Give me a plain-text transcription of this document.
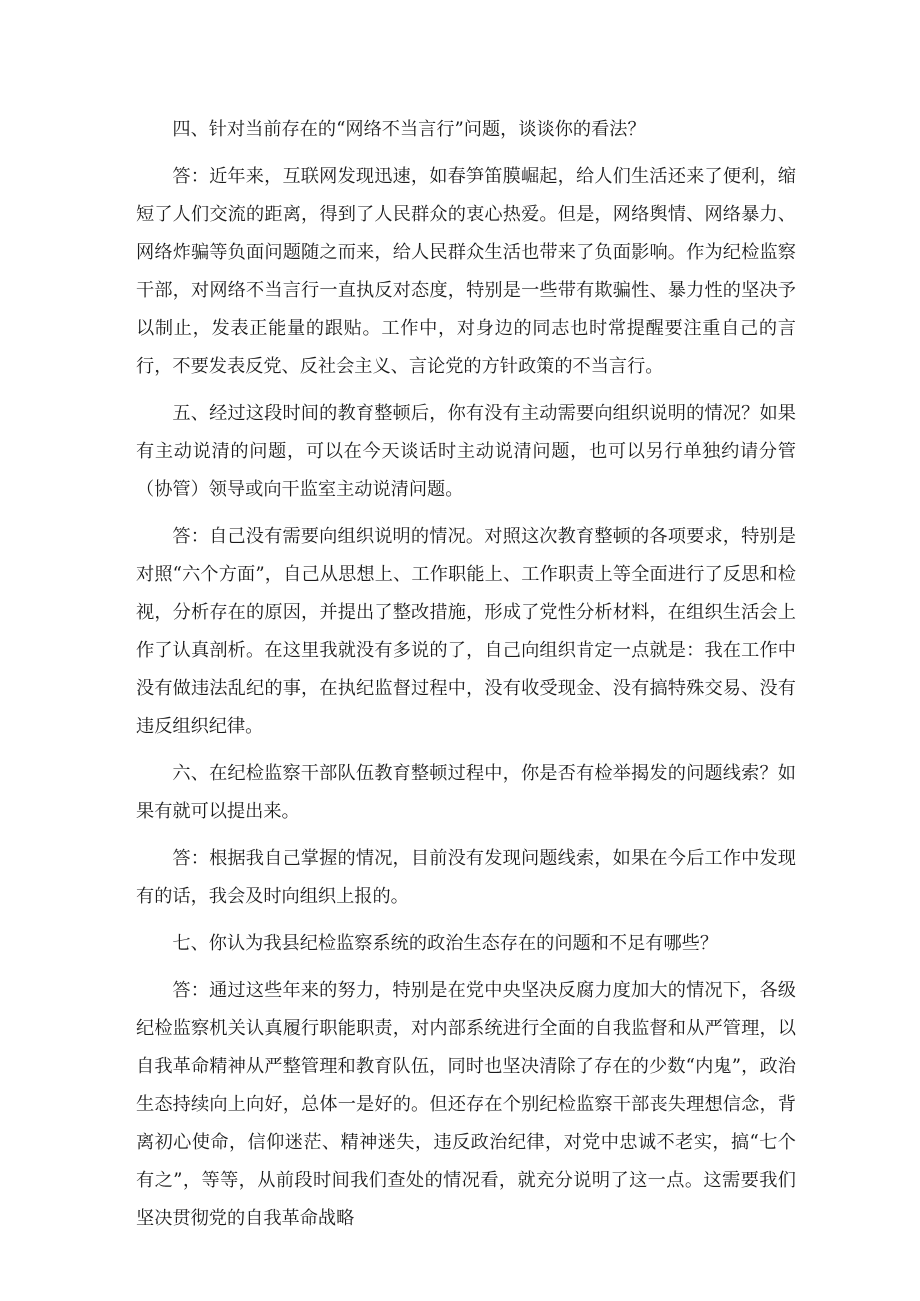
四、针对当前存在的“网络不当言行”问题，谈谈你的看法？

答：近年来，互联网发现迅速，如春笋笛膜崛起，给人们生活还来了便利，缩短了人们交流的距离，得到了人民群众的衷心热爱。但是，网络舆情、网络暴力、网络炸骗等负面问题随之而来，给人民群众生活也带来了负面影响。作为纪检监察干部，对网络不当言行一直执反对态度，特别是一些带有欺骗性、暴力性的坚决予以制止，发表正能量的跟贴。工作中，对身边的同志也时常提醒要注重自己的言行，不要发表反党、反社会主义、言论党的方针政策的不当言行。

五、经过这段时间的教育整顿后，你有没有主动需要向组织说明的情况？如果有主动说清的问题，可以在今天谈话时主动说清问题，也可以另行单独约请分管（协管）领导或向干监室主动说清问题。

答：自己没有需要向组织说明的情况。对照这次教育整顿的各项要求，特别是对照“六个方面”，自己从思想上、工作职能上、工作职责上等全面进行了反思和检视，分析存在的原因，并提出了整改措施，形成了党性分析材料，在组织生活会上作了认真剖析。在这里我就没有多说的了，自己向组织肯定一点就是：我在工作中没有做违法乱纪的事，在执纪监督过程中，没有收受现金、没有搞特殊交易、没有违反组织纪律。

六、在纪检监察干部队伍教育整顿过程中，你是否有检举揭发的问题线索？如果有就可以提出来。

答：根据我自己掌握的情况，目前没有发现问题线索，如果在今后工作中发现有的话，我会及时向组织上报的。

七、你认为我县纪检监察系统的政治生态存在的问题和不足有哪些？

答：通过这些年来的努力，特别是在党中央坚决反腐力度加大的情况下，各级纪检监察机关认真履行职能职责，对内部系统进行全面的自我监督和从严管理，以自我革命精神从严整管理和教育队伍，同时也坚决清除了存在的少数“内鬼”，政治生态持续向上向好，总体一是好的。但还存在个别纪检监察干部丧失理想信念，背离初心使命，信仰迷茫、精神迷失，违反政治纪律，对党中忠诚不老实，搞“七个有之”，等等，从前段时间我们查处的情况看，就充分说明了这一点。这需要我们坚决贯彻党的自我革命战略
